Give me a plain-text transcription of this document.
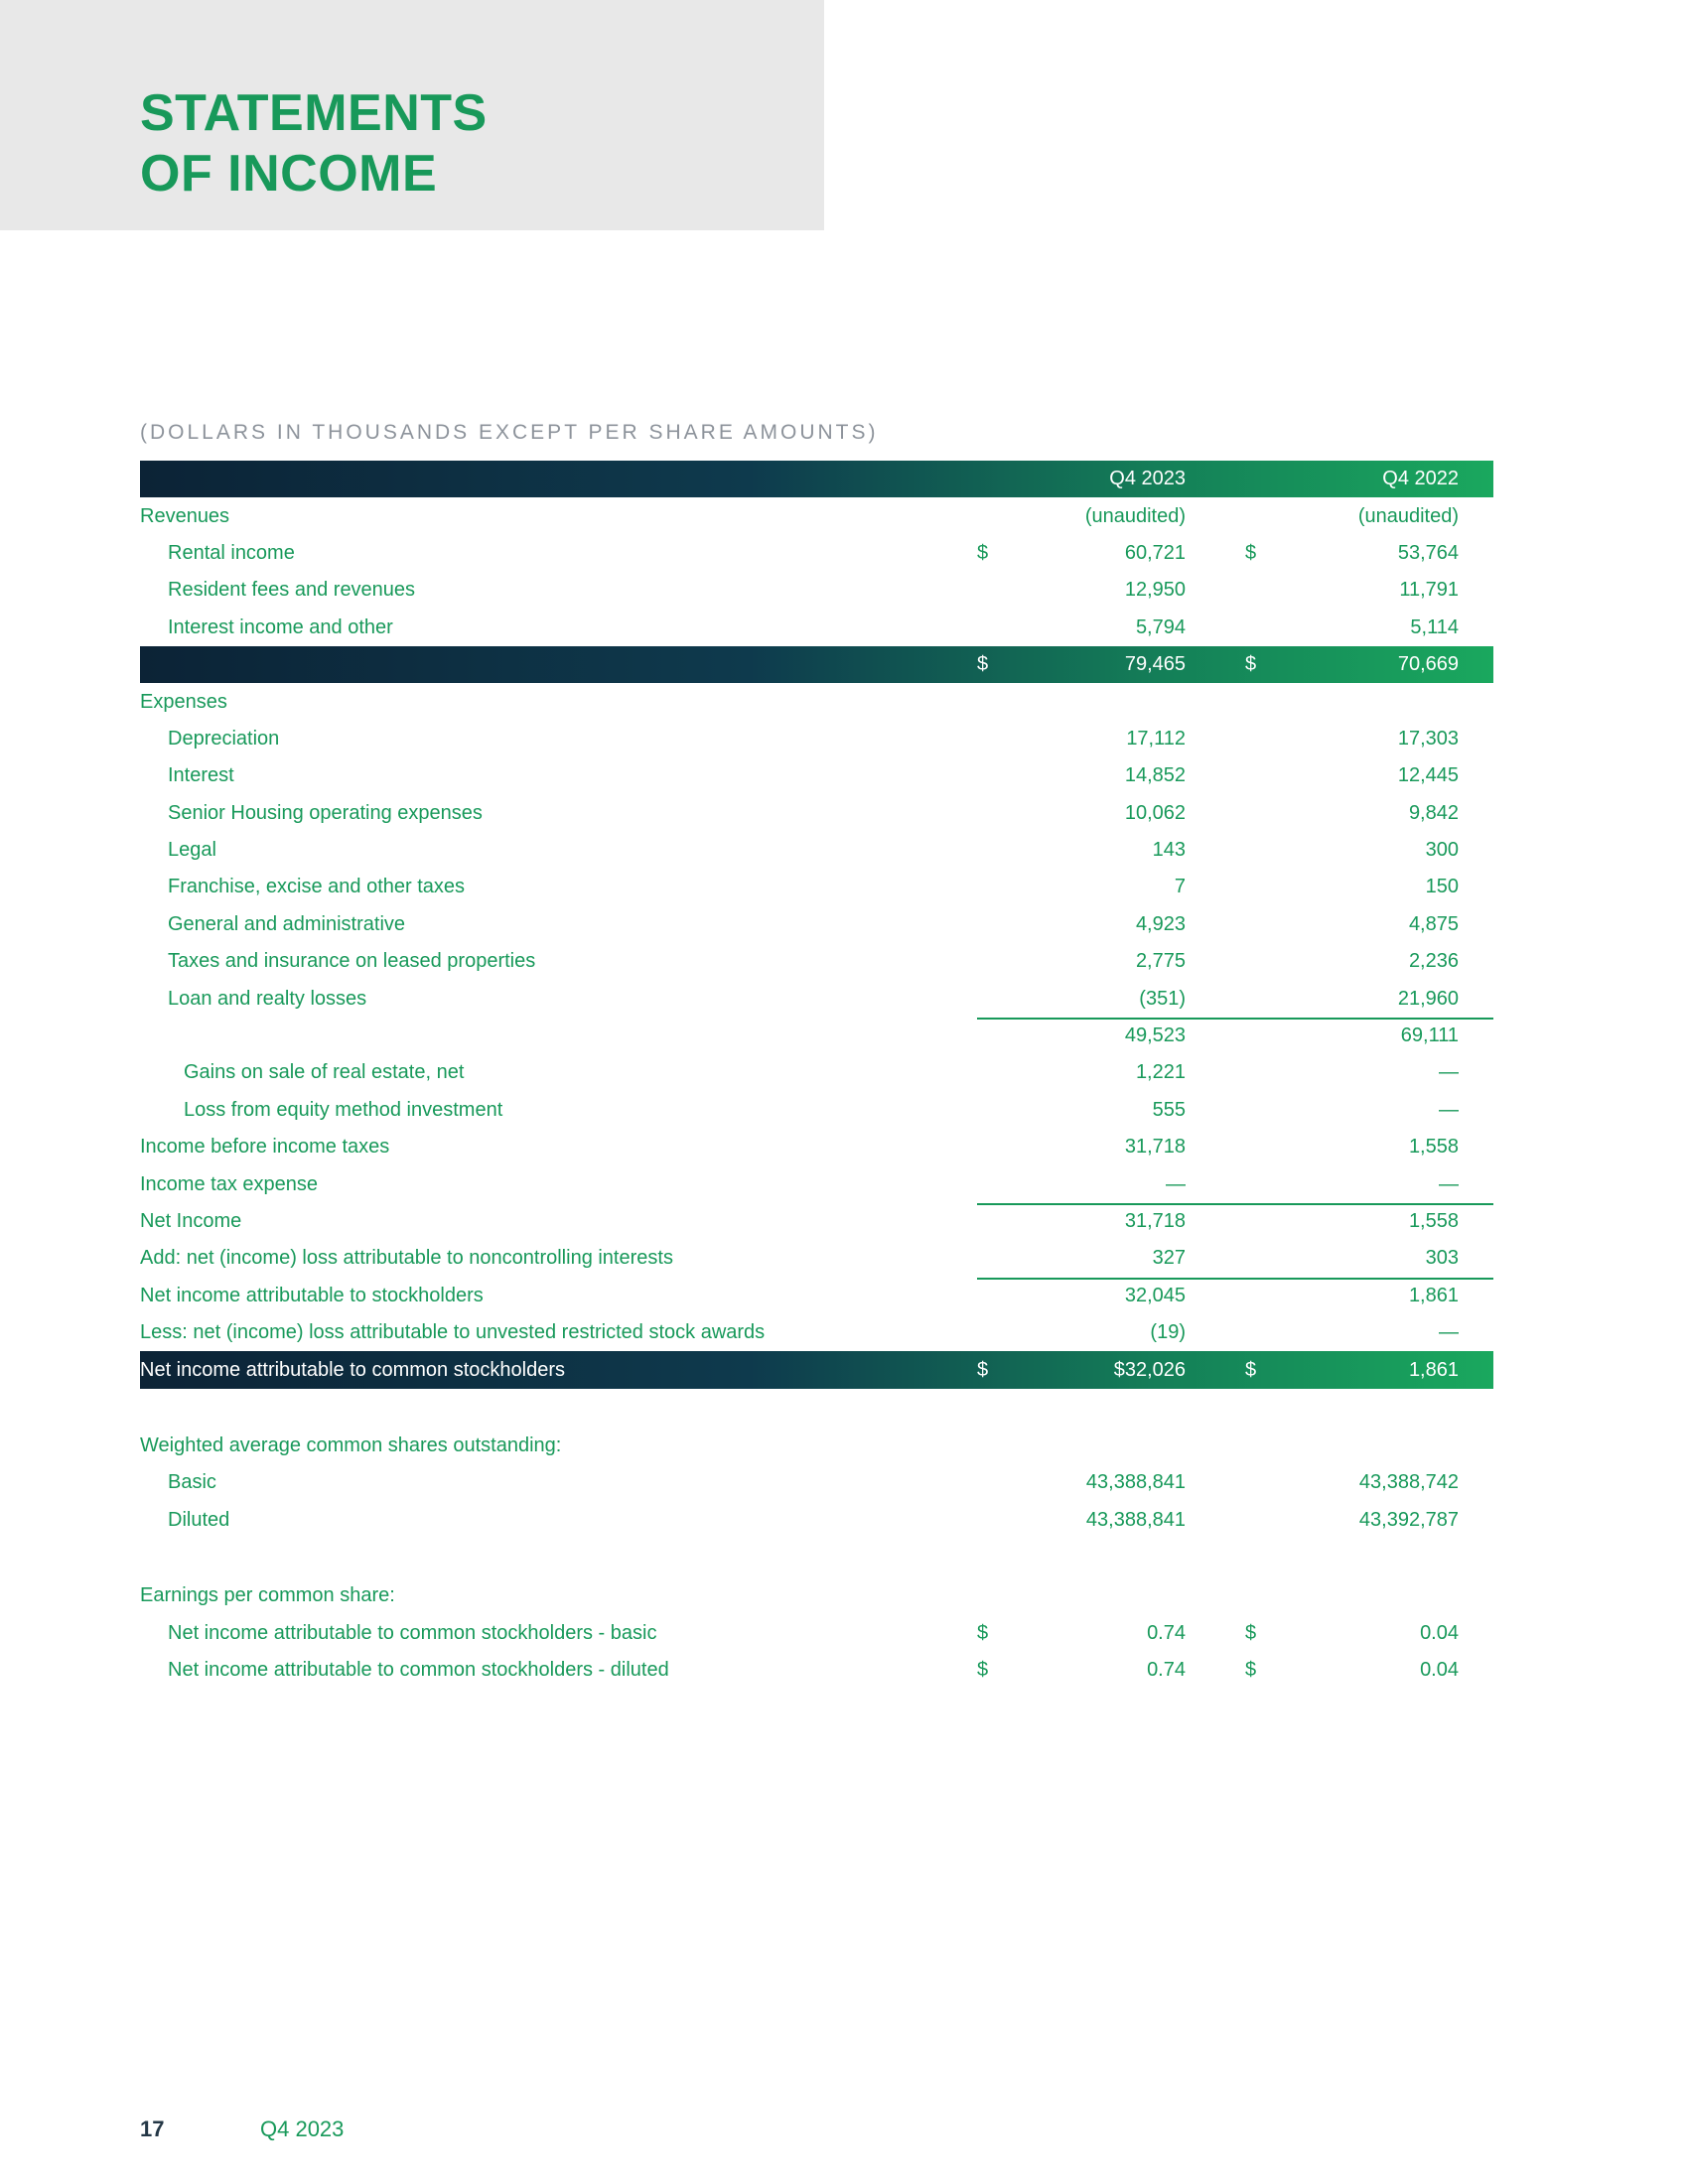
STATEMENTS
OF INCOME
(DOLLARS IN THOUSANDS EXCEPT PER SHARE AMOUNTS)
Q4 2023	Q4 2022
Revenues	(unaudited)	(unaudited)
Rental income	$	60,721	$	53,764
Resident fees and revenues	12,950	11,791
Interest income and other	5,794	5,114
$	79,465	$	70,669
Expenses
Depreciation	17,112	17,303
Interest	14,852	12,445
Senior Housing operating expenses	10,062	9,842
Legal	143	300
Franchise, excise and other taxes	7	150
General and administrative	4,923	4,875
Taxes and insurance on leased properties	2,775	2,236
Loan and realty losses	(351)	21,960
49,523	69,111
Gains on sale of real estate, net	1,221	—
Loss from equity method investment	555	—
Income before income taxes	31,718	1,558
Income tax expense	—	—
Net Income	31,718	1,558
Add: net (income) loss attributable to noncontrolling interests	327	303
Net income attributable to stockholders	32,045	1,861
Less: net (income) loss attributable to unvested restricted stock awards	(19)	—
Net income attributable to common stockholders	$	$32,026	$	1,861
Weighted average common shares outstanding:
Basic	43,388,841	43,388,742
Diluted	43,388,841	43,392,787
Earnings per common share:
Net income attributable to common stockholders - basic	$	0.74	$	0.04
Net income attributable to common stockholders - diluted	$	0.74	$	0.04
17	Q4 2023
